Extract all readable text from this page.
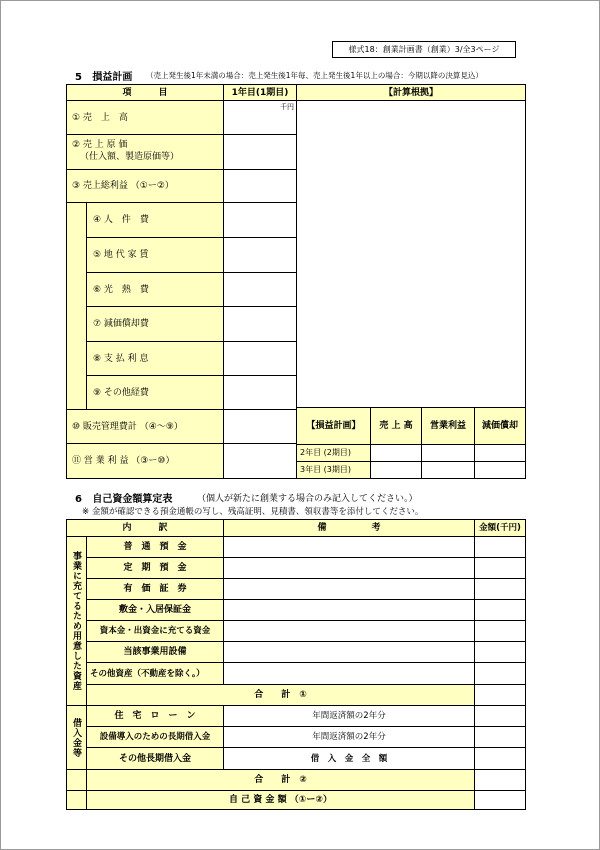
様式18：創業計画書（創業）3/全3ページ
5 損益計画 （売上発生後1年未満の場合：売上発生後1年毎、売上発生後1年以上の場合：今期以降の決算見込）
項　　　目	1年目(1期目)	【計算根拠】
① 売　上　高
千円
② 売 上 原 価
（仕入額、製造原価等）
③ 売上総利益 （①ー②）
④ 人　件　費
⑤ 地 代 家 賃
⑥ 光　熱　費
⑦ 減価償却費
⑧ 支 払 利 息
⑨ その他経費
⑩ 販売管理費計 （④～⑨）	【損益計画】	売 上 高	営業利益	減価償却
⑪ 営 業 利 益 （③ー⑩）
2年目 (2期目)
3年目 (3期目)
6 自己資金額算定表	（個人が新たに創業する場合のみ記入してください。）
※ 金額が確認できる預金通帳の写し、残高証明、見積書、領収書等を添付してください。
内　　　訳	備　　　　　考	金額(千円)
事業に充てるため用意した資産
普　通　預　金
定　期　預　金
有　価　証　券
敷金・入居保証金
資本金・出資金に充てる資金
当該事業用設備
その他資産（不動産を除く。）
合　　計　①
借入金等
住　宅　ロ　ー　ン	年間返済額の2年分
設備導入のための長期借入金	年間返済額の2年分
その他長期借入金	借　入　金　全　額
合　　計　②
自 己 資 金 額 （①ー②）
